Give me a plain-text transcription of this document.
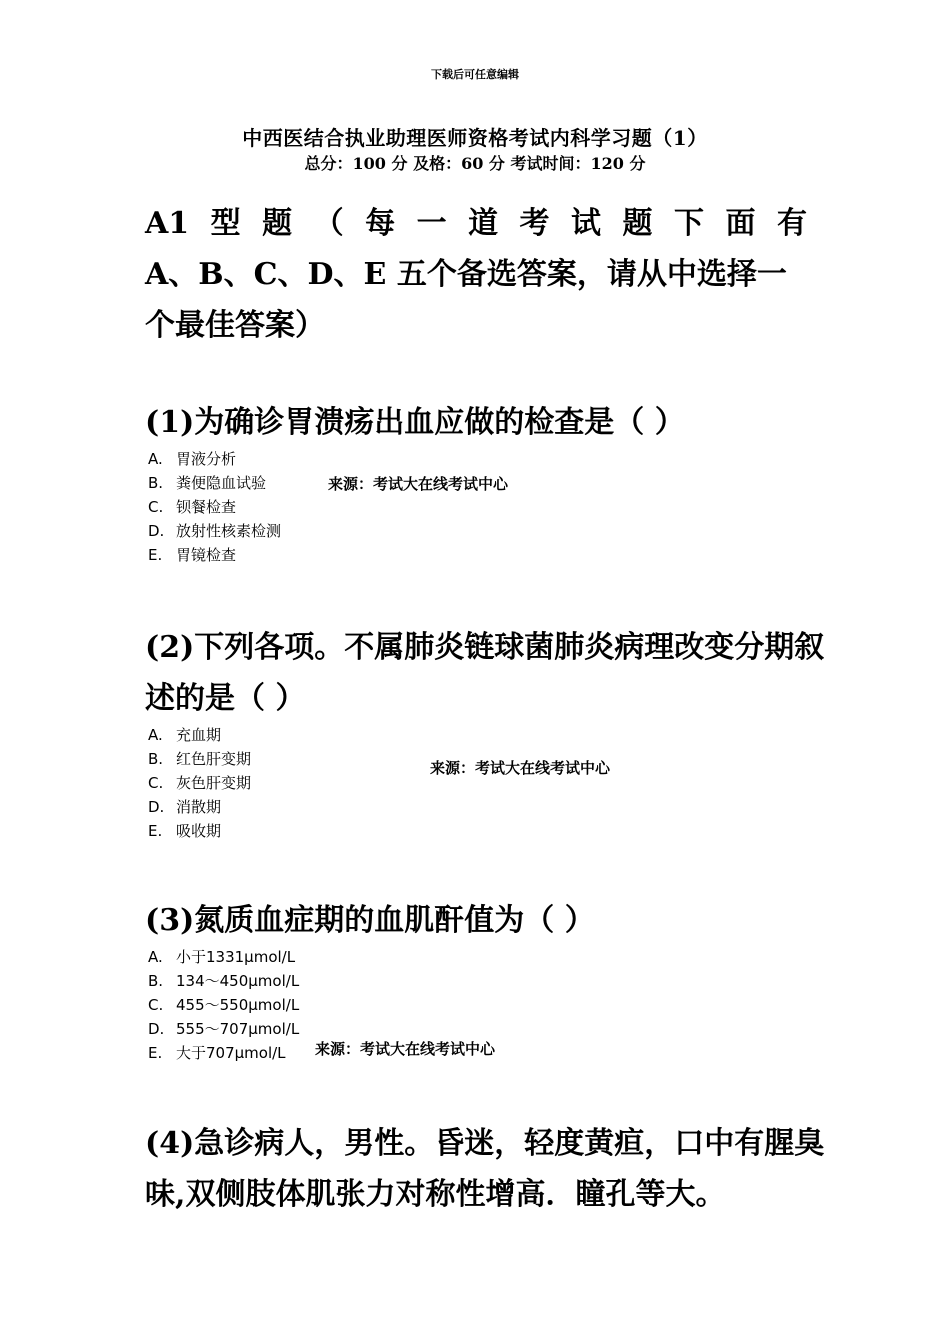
下载后可任意编辑
中西医结合执业助理医师资格考试内科学习题（1）
总分：100 分 及格：60 分 考试时间：120 分
A1 型 题 （ 每 一 道 考 试 题 下 面 有
A、B、C、D、E 五个备选答案，请从中选择一
个最佳答案）
(1)为确诊胃溃疡出血应做的检查是（ ）
A. 胃液分析
B. 粪便隐血试验
C. 钡餐检查
D. 放射性核素检测
E. 胃镜检查
来源：考试大在线考试中心
(2)下列各项。不属肺炎链球菌肺炎病理改变分期叙述的是（ ）
A. 充血期
B. 红色肝变期
C. 灰色肝变期
D. 消散期
E. 吸收期
来源：考试大在线考试中心
(3)氮质血症期的血肌酐值为（ ）
A. 小于1331μmol/L
B. 134～450μmol/L
C. 455～550μmol/L
D. 555～707μmol/L
E. 大于707μmol/L	来源：考试大在线考试中心
(4)急诊病人，男性。昏迷，轻度黄疸，口中有腥臭味,双侧肢体肌张力对称性增高．瞳孔等大。
